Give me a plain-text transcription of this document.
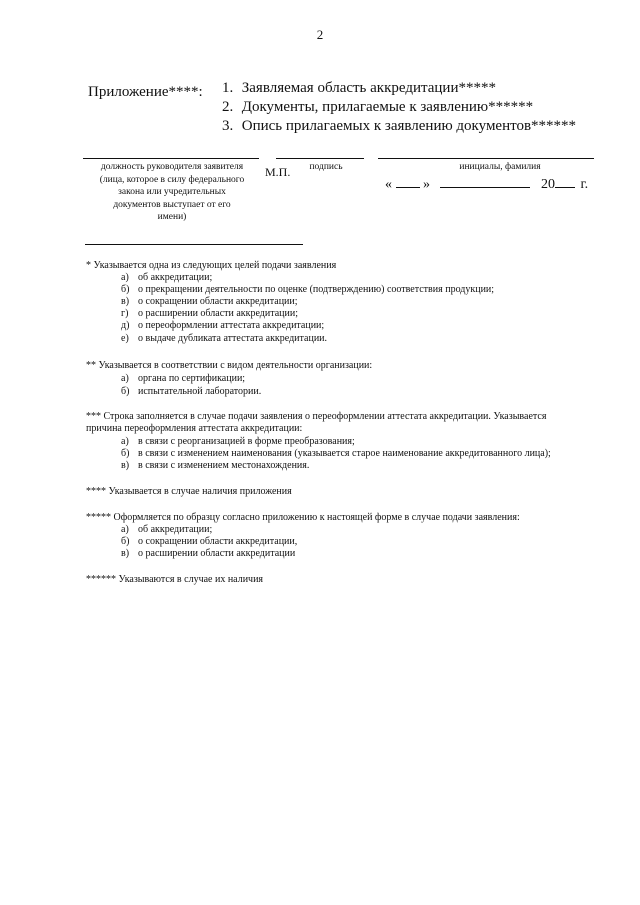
2
Приложение****: 1. Заявляемая область аккредитации*****
2. Документы, прилагаемые к заявлению******
3. Опись прилагаемых к заявлению документов******
должность руководителя заявителя
(лица, которое в силу федерального
закона или учредительных
документов выступает от его
имени)
М.П.	подпись	инициалы, фамилия
« »	20 г.
* Указывается одна из следующих целей подачи заявления
а) об аккредитации;
б) о прекращении деятельности по оценке (подтверждению) соответствия продукции;
в) о сокращении области аккредитации;
г) о расширении области аккредитации;
д) о переоформлении аттестата аккредитации;
е) о выдаче дубликата аттестата аккредитации.
** Указывается в соответствии с видом деятельности организации:
а) органа по сертификации;
б) испытательной лаборатории.
*** Строка заполняется в случае подачи заявления о переоформлении аттестата аккредитации. Указывается
причина переоформления аттестата аккредитации:
а) в связи с реорганизацией в форме преобразования;
б) в связи с изменением наименования (указывается старое наименование аккредитованного лица);
в) в связи с изменением местонахождения.
**** Указывается в случае наличия приложения
***** Оформляется по образцу согласно приложению к настоящей форме в случае подачи заявления:
а) об аккредитации;
б) о сокращении области аккредитации,
в) о расширении области аккредитации
****** Указываются в случае их наличия
